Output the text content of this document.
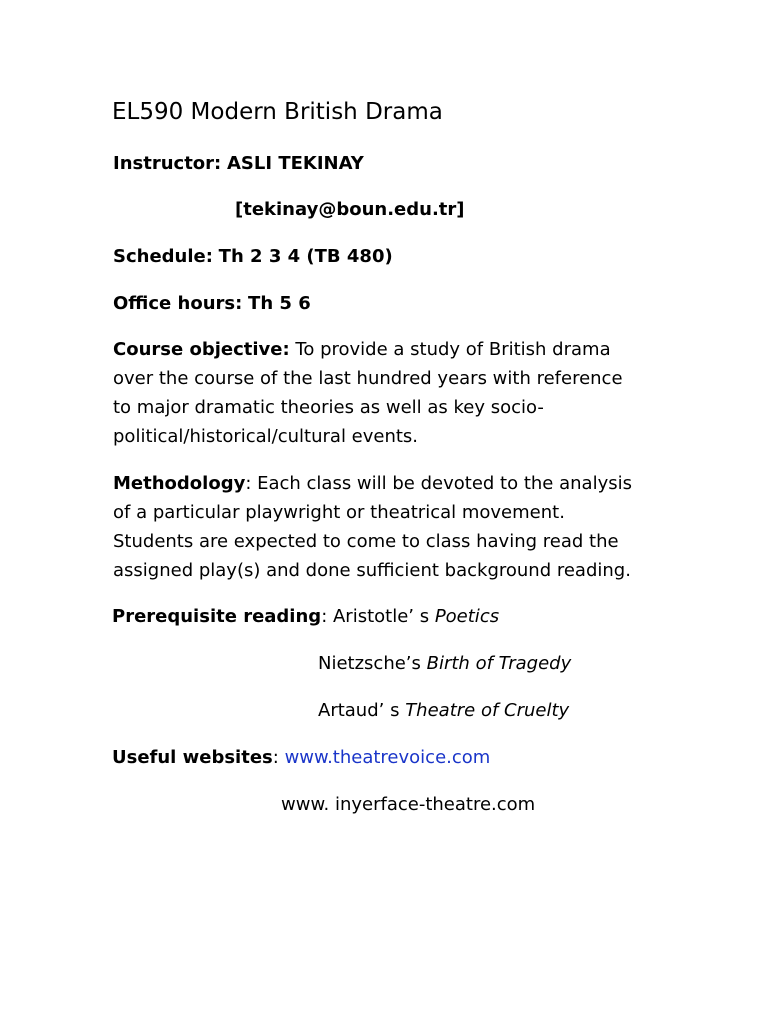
EL590 Modern British Drama
Instructor: ASLI TEKINAY
[tekinay@boun.edu.tr]
Schedule: Th 2 3 4 (TB 480)
Office hours: Th 5 6
Course objective: To provide a study of British drama
over the course of the last hundred years with reference
to major dramatic theories as well as key socio-
political/historical/cultural events.
Methodology: Each class will be devoted to the analysis
of a particular playwright or theatrical movement.
Students are expected to come to class having read the
assigned play(s) and done sufficient background reading.
Prerequisite reading: Aristotle’ s Poetics
Nietzsche’s Birth of Tragedy
Artaud’ s Theatre of Cruelty
Useful websites: www.theatrevoice.com
www. inyerface-theatre.com
